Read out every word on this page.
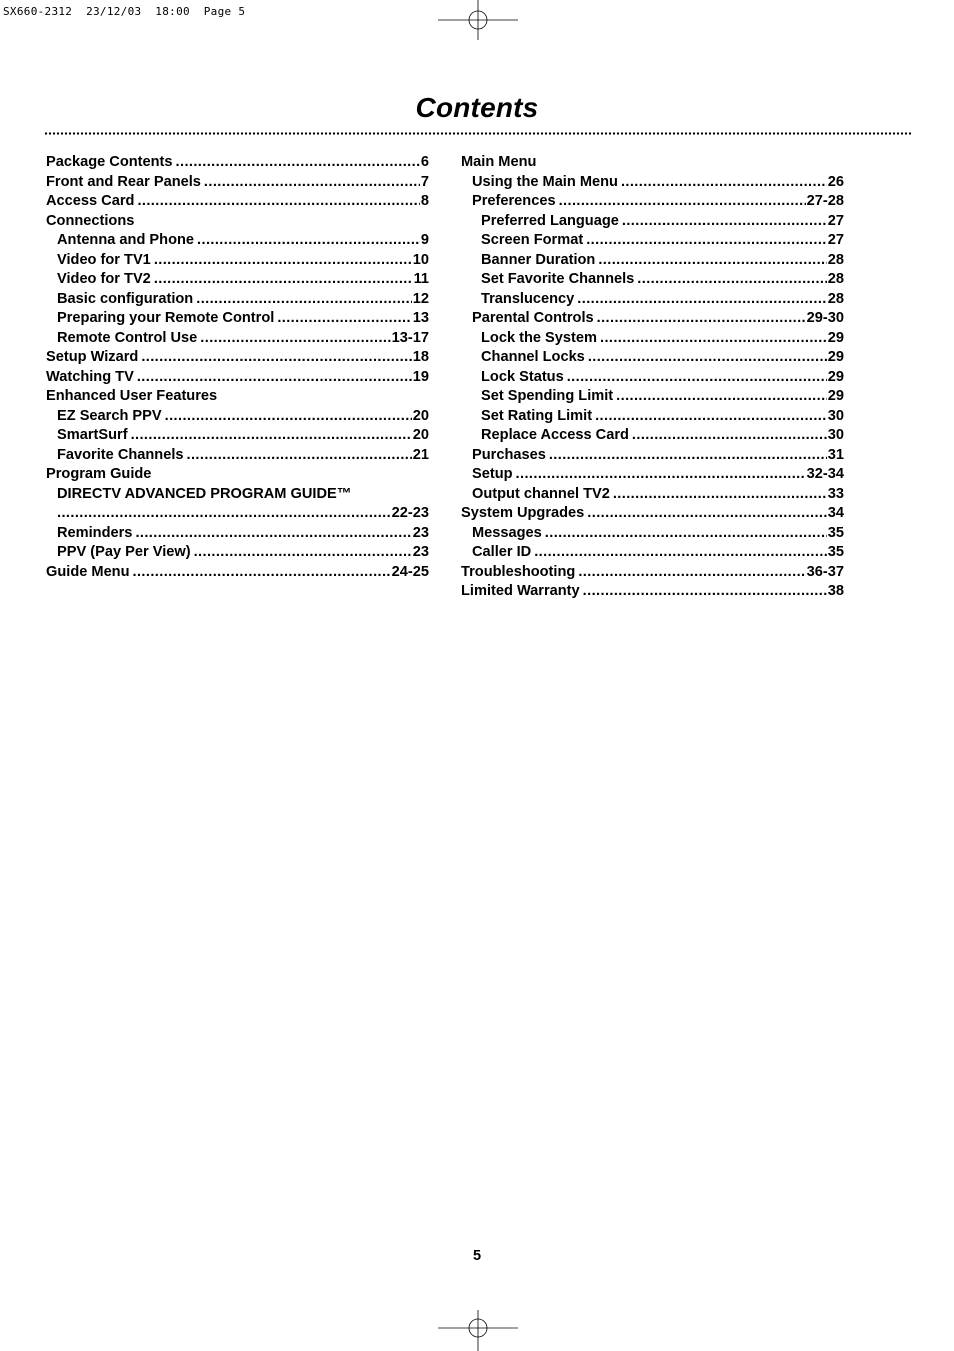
SX660-2312  23/12/03  18:00  Page 5
Contents
Package Contents .....	6
Front and Rear Panels .....	7
Access Card .....	8
Connections
Antenna and Phone .....	9
Video for TV1 .....	10
Video for TV2 .....	11
Basic configuration .....	12
Preparing your Remote Control .....	13
Remote Control Use .....	13-17
Setup Wizard .....	18
Watching TV .....	19
Enhanced User Features
EZ Search PPV .....	20
SmartSurf .....	20
Favorite Channels .....	21
Program Guide
DIRECTV ADVANCED PROGRAM GUIDE™
.....
22-23
Reminders .....	23
PPV (Pay Per View) .....	23
Guide Menu .....	24-25
Main Menu
Using the Main Menu .....	26
Preferences .....	27-28
Preferred Language .....	27
Screen Format .....	27
Banner Duration .....	28
Set Favorite Channels .....	28
Translucency .....	28
Parental Controls .....	29-30
Lock the System .....	29
Channel Locks .....	29
Lock Status .....	29
Set Spending Limit .....	29
Set Rating Limit .....	30
Replace Access Card .....	30
Purchases .....	31
Setup .....	32-34
Output channel TV2 .....	33
System Upgrades .....	34
Messages .....	35
Caller ID .....	35
Troubleshooting .....	36-37
Limited Warranty .....	38
5
